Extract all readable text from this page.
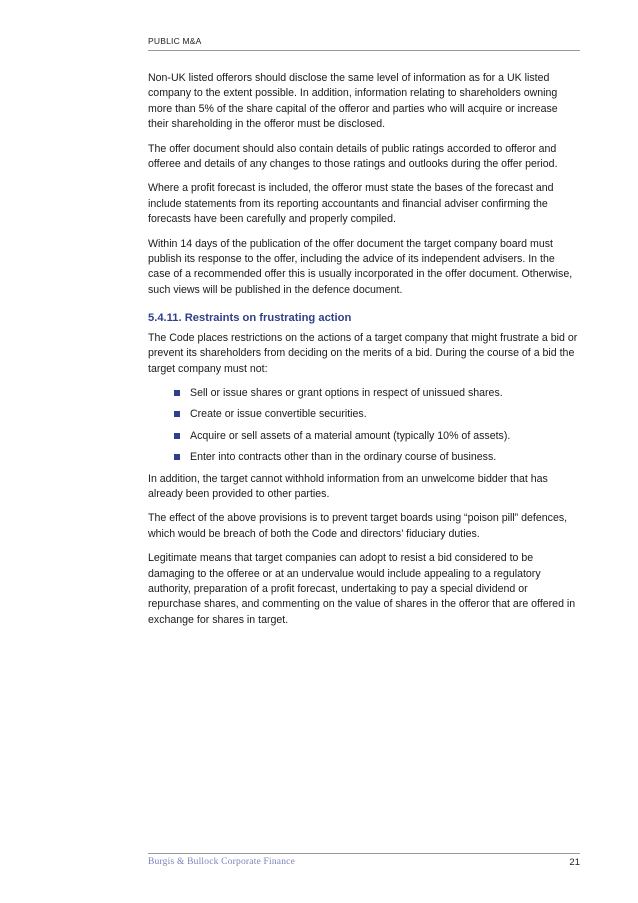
PUBLIC M&A

Non-UK listed offerors should disclose the same level of information as for a UK listed company to the extent possible. In addition, information relating to shareholders owning more than 5% of the share capital of the offeror and parties who will acquire or increase their shareholding in the offeror must be disclosed.

The offer document should also contain details of public ratings accorded to offeror and offeree and details of any changes to those ratings and outlooks during the offer period.

Where a profit forecast is included, the offeror must state the bases of the forecast and include statements from its reporting accountants and financial adviser confirming the forecasts have been carefully and properly compiled.

Within 14 days of the publication of the offer document the target company board must publish its response to the offer, including the advice of its independent advisers. In the case of a recommended offer this is usually incorporated in the offer document. Otherwise, such views will be published in the defence document.

5.4.11. Restraints on frustrating action

The Code places restrictions on the actions of a target company that might frustrate a bid or prevent its shareholders from deciding on the merits of a bid. During the course of a bid the target company must not:

Sell or issue shares or grant options in respect of unissued shares.
Create or issue convertible securities.
Acquire or sell assets of a material amount (typically 10% of assets).
Enter into contracts other than in the ordinary course of business.

In addition, the target cannot withhold information from an unwelcome bidder that has already been provided to other parties.

The effect of the above provisions is to prevent target boards using “poison pill” defences, which would be breach of both the Code and directors’ fiduciary duties.

Legitimate means that target companies can adopt to resist a bid considered to be damaging to the offeree or at an undervalue would include appealing to a regulatory authority, preparation of a profit forecast, undertaking to pay a special dividend or repurchase shares, and commenting on the value of shares in the offeror that are offered in exchange for shares in target.

Burgis & Bullock Corporate Finance	21
